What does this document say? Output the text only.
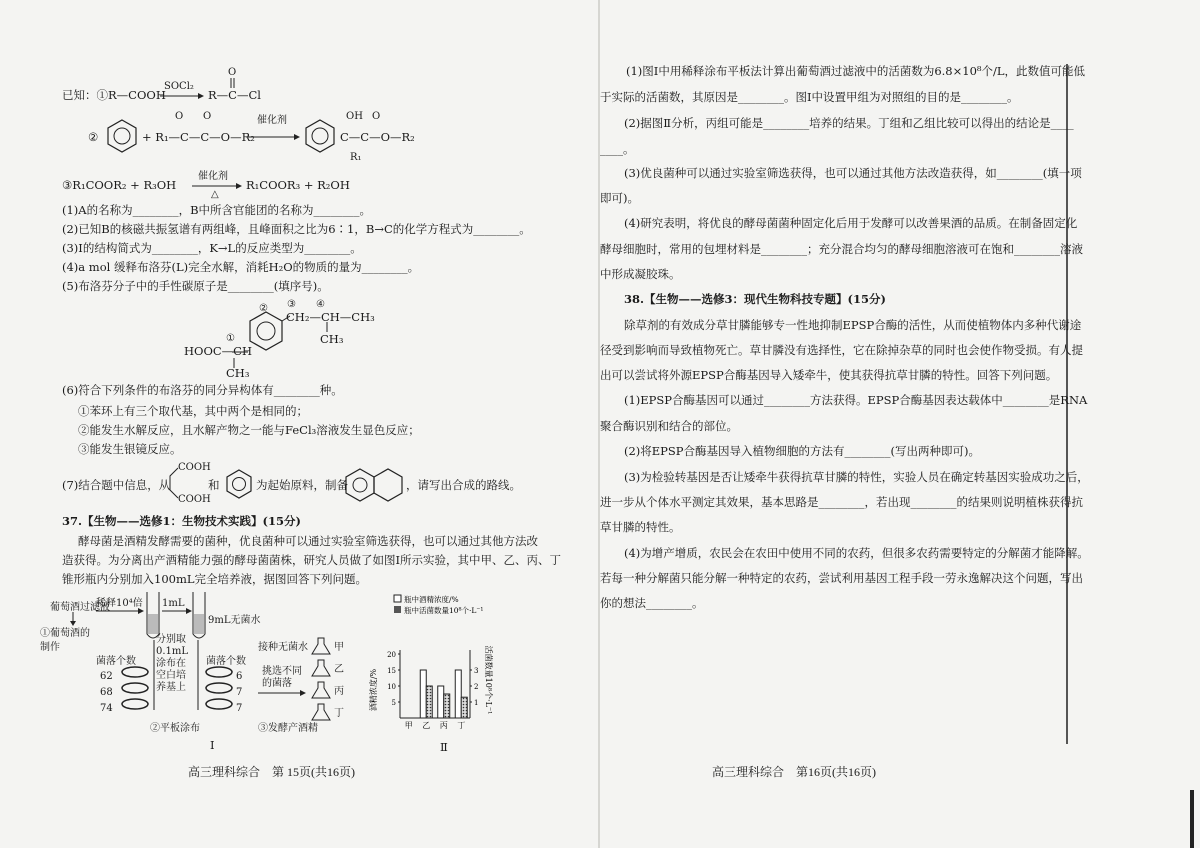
已知：①R—COOH
SOCl₂
→ R—C—Cl
O
②	+ R₁—C—C—O—R₂
O O	催化剂
C—C—O—R₂
OH O
R₁
③R₁COOR₂ + R₃OH
催化剂
△
R₁COOR₃ + R₂OH
(1)A的名称为________，B中所含官能团的名称为________。
(2)已知B的核磁共振氢谱有两组峰，且峰面积之比为6∶1，B→C的化学方程式为________。
(3)I的结构简式为________，K→L的反应类型为________。
(4)a mol 缓释布洛芬(L)完全水解，消耗H₂O的物质的量为________。
(5)布洛芬分子中的手性碳原子是________(填序号)。
② ③ ④
CH₂—CH—CH₃
CH₃
①
HOOC—CH
CH₃
(6)符合下列条件的布洛芬的同分异构体有________种。
①苯环上有三个取代基，其中两个是相同的；
②能发生水解反应，且水解产物之一能与FeCl₃溶液发生显色反应；
③能发生银镜反应。
(7)结合题中信息，从
COOH
COOH
和	为起始原料，制备	，请写出合成的路线。
37.【生物——选修1：生物技术实践】(15分)
酵母菌是酒精发酵需要的菌种，优良菌种可以通过实验室筛选获得，也可以通过其他方法改
造获得。为分离出产酒精能力强的酵母菌菌株，研究人员做了如图Ⅰ所示实验，其中甲、乙、丙、丁
锥形瓶内分别加入100mL完全培养液，据图回答下列问题。
葡萄酒过滤液
稀释10⁴倍 1mL
9mL无菌水
①葡萄酒的制作
分别取0.1mL涂布在空白培养基上
菌落个数
62
68
74
菌落个数
6
7
7
挑选不同的菌落
接种无菌水	甲
乙
丙
丁
②平板涂布	③发酵产酒精
Ⅰ
瓶中酒精浓度/%
瓶中活菌数量10⁸个·L⁻¹
酒精浓度/%	活菌数量10⁸个·L⁻¹
5
10
15
20
1
2
3
甲 乙 丙 丁
Ⅱ
高三理科综合　第 15页(共16页)
(1)图Ⅰ中用稀释涂布平板法计算出葡萄酒过滤液中的活菌数为6.8×10⁸个/L，此数值可能低
于实际的活菌数，其原因是________。图Ⅰ中设置甲组为对照组的目的是________。
(2)据图Ⅱ分析，丙组可能是________培养的结果。丁组和乙组比较可以得出的结论是____
____。
(3)优良菌种可以通过实验室筛选获得，也可以通过其他方法改造获得，如________(填一项
即可)。
(4)研究表明，将优良的酵母菌菌种固定化后用于发酵可以改善果酒的品质。在制备固定化
酵母细胞时，常用的包埋材料是________；充分混合均匀的酵母细胞溶液可在饱和________溶液
中形成凝胶珠。
38.【生物——选修3：现代生物科技专题】(15分)
除草剂的有效成分草甘膦能够专一性地抑制EPSP合酶的活性，从而使植物体内多种代谢途
径受到影响而导致植物死亡。草甘膦没有选择性，它在除掉杂草的同时也会使作物受损。有人提
出可以尝试将外源EPSP合酶基因导入矮牵牛，使其获得抗草甘膦的特性。回答下列问题。
(1)EPSP合酶基因可以通过________方法获得。EPSP合酶基因表达载体中________是RNA
聚合酶识别和结合的部位。
(2)将EPSP合酶基因导入植物细胞的方法有________(写出两种即可)。
(3)为检验转基因是否让矮牵牛获得抗草甘膦的特性，实验人员在确定转基因实验成功之后，
进一步从个体水平测定其效果，基本思路是________，若出现________的结果则说明植株获得抗
草甘膦的特性。
(4)为增产增质，农民会在农田中使用不同的农药，但很多农药需要特定的分解菌才能降解。
若每一种分解菌只能分解一种特定的农药，尝试利用基因工程手段一劳永逸解决这个问题，写出
你的想法________。
高三理科综合　第16页(共16页)
